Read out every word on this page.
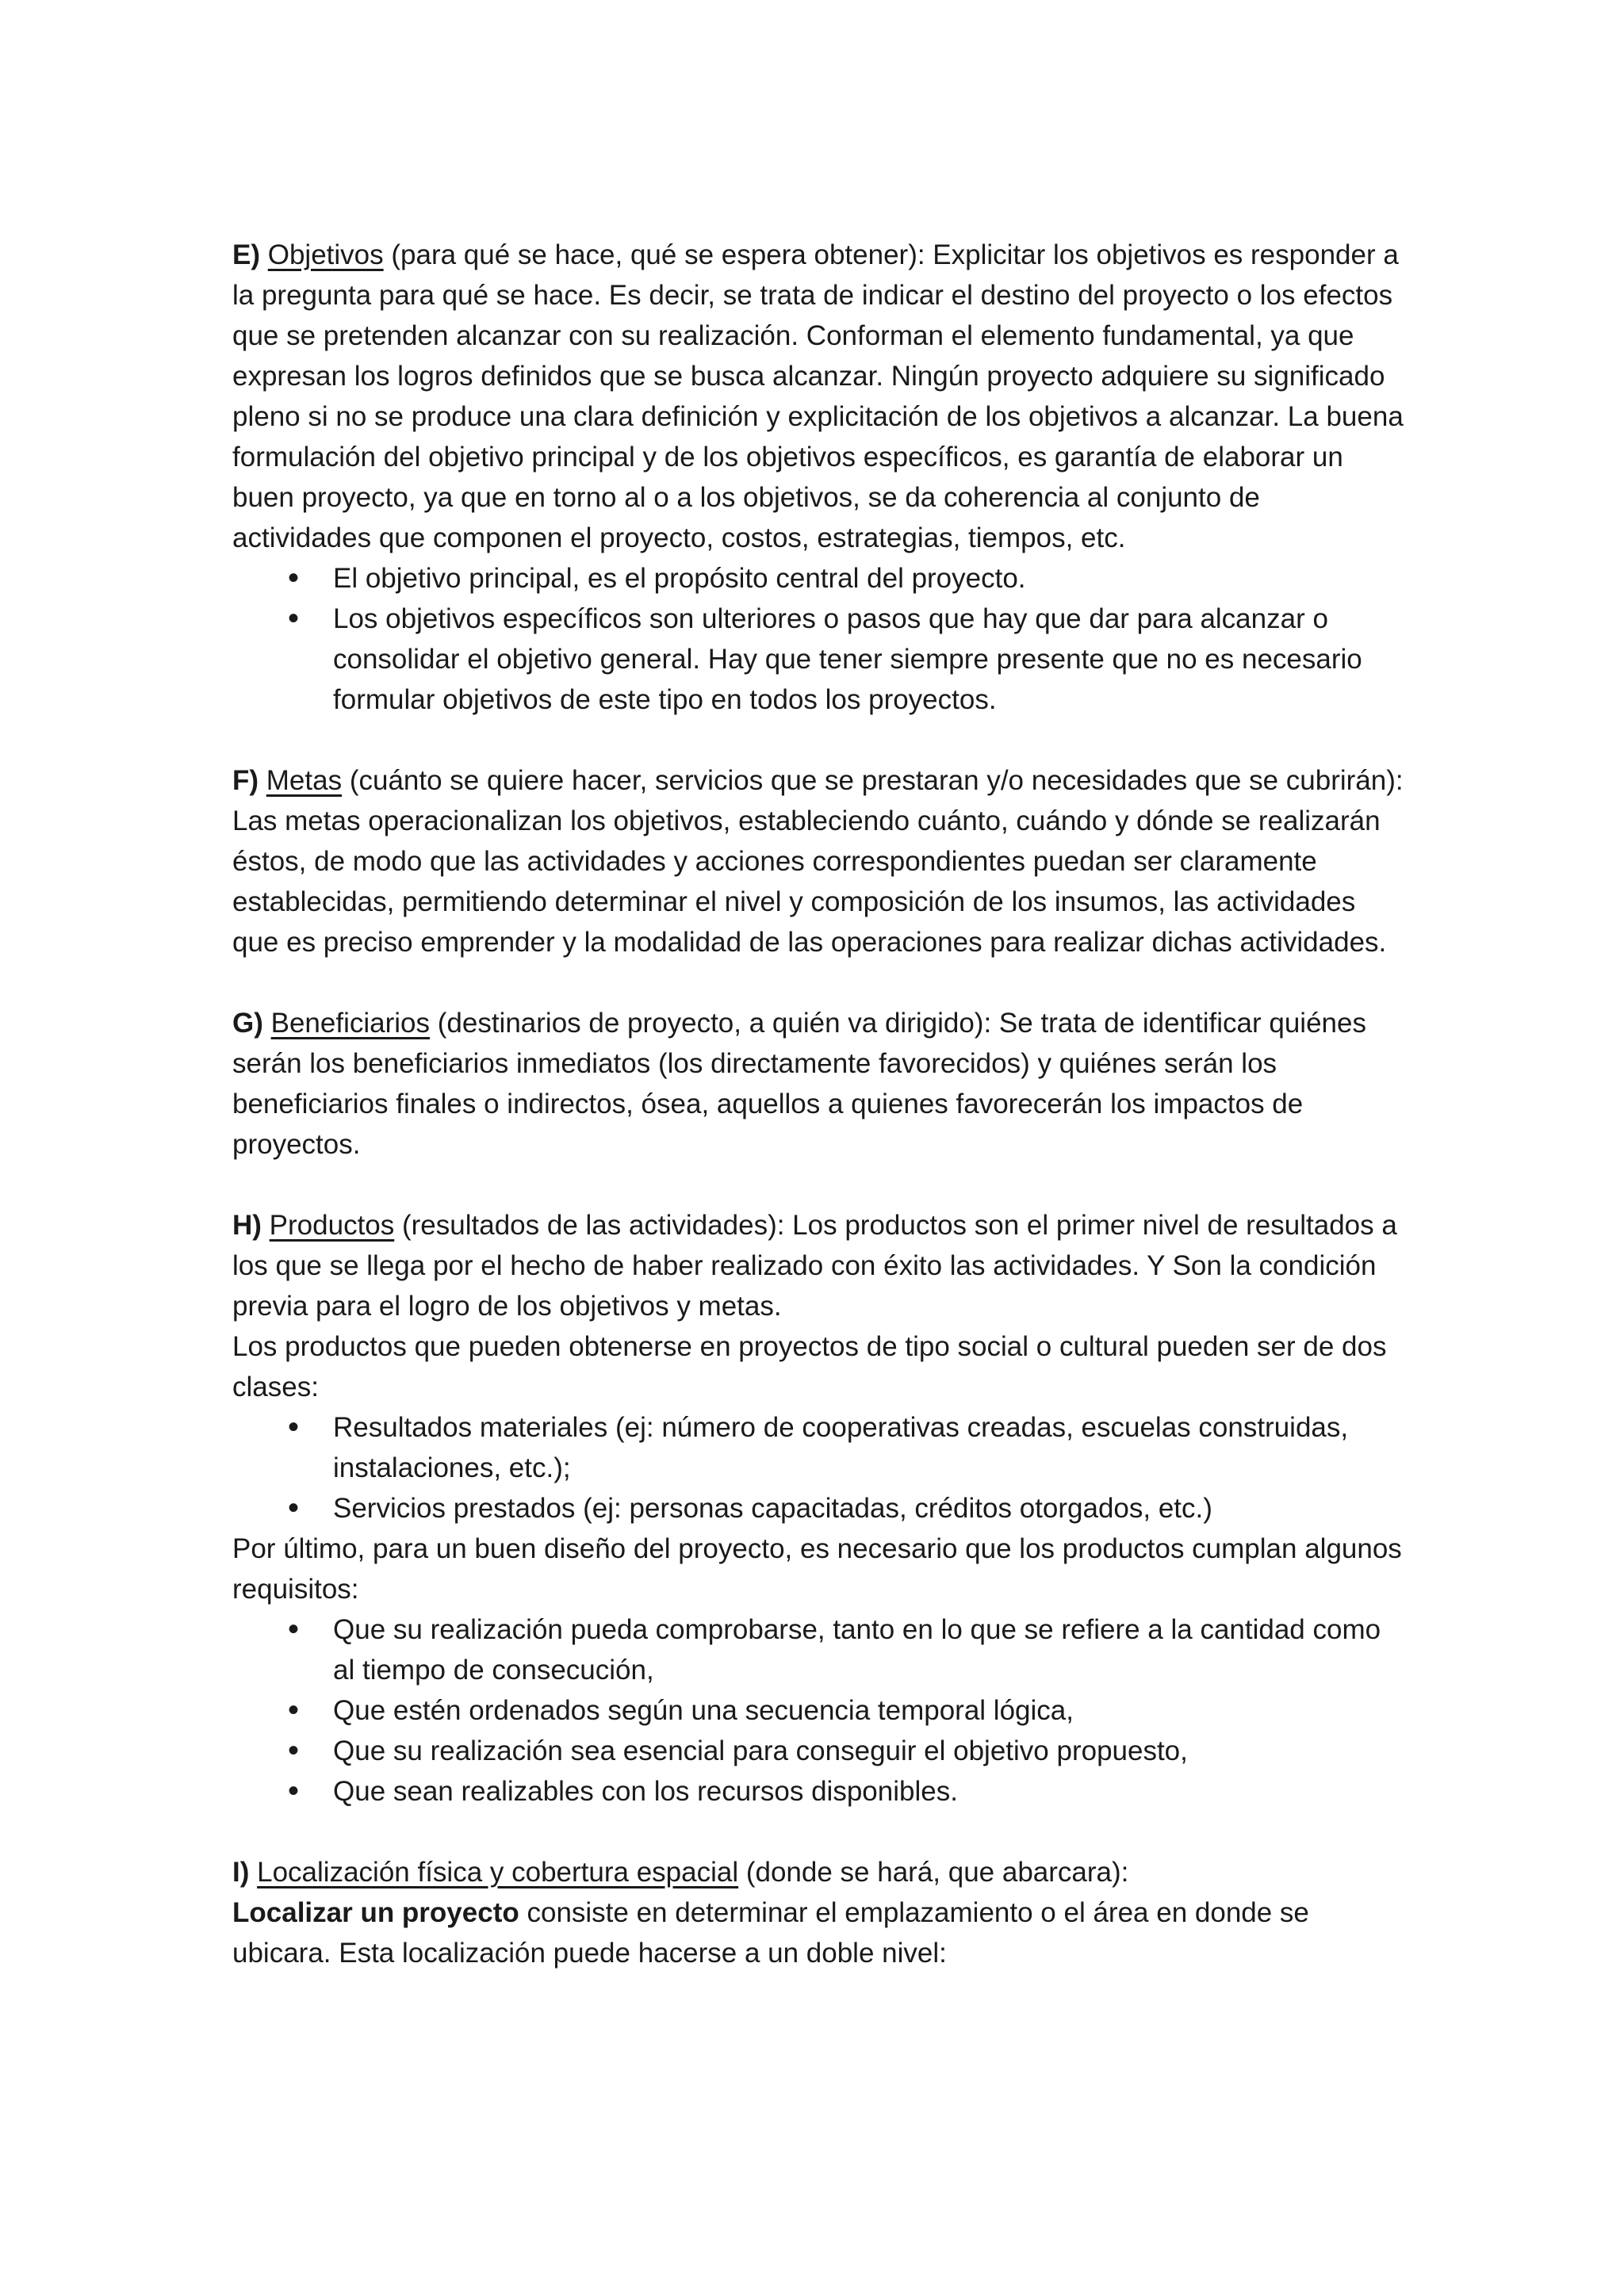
E) Objetivos (para qué se hace, qué se espera obtener): Explicitar los objetivos es responder a la pregunta para qué se hace. Es decir, se trata de indicar el destino del proyecto o los efectos que se pretenden alcanzar con su realización. Conforman el elemento fundamental, ya que expresan los logros definidos que se busca alcanzar. Ningún proyecto adquiere su significado pleno si no se produce una clara definición y explicitación de los objetivos a alcanzar. La buena formulación del objetivo principal y de los objetivos específicos, es garantía de elaborar un buen proyecto, ya que en torno al o a los objetivos, se da coherencia al conjunto de actividades que componen el proyecto, costos, estrategias, tiempos, etc.

• El objetivo principal, es el propósito central del proyecto.
• Los objetivos específicos son ulteriores o pasos que hay que dar para alcanzar o consolidar el objetivo general. Hay que tener siempre presente que no es necesario formular objetivos de este tipo en todos los proyectos.

F) Metas (cuánto se quiere hacer, servicios que se prestaran y/o necesidades que se cubrirán): Las metas operacionalizan los objetivos, estableciendo cuánto, cuándo y dónde se realizarán éstos, de modo que las actividades y acciones correspondientes puedan ser claramente establecidas, permitiendo determinar el nivel y composición de los insumos, las actividades que es preciso emprender y la modalidad de las operaciones para realizar dichas actividades.

G) Beneficiarios (destinarios de proyecto, a quién va dirigido): Se trata de identificar quiénes serán los beneficiarios inmediatos (los directamente favorecidos) y quiénes serán los beneficiarios finales o indirectos, ósea, aquellos a quienes favorecerán los impactos de proyectos.

H) Productos (resultados de las actividades): Los productos son el primer nivel de resultados a los que se llega por el hecho de haber realizado con éxito las actividades. Y Son la condición previa para el logro de los objetivos y metas.

Los productos que pueden obtenerse en proyectos de tipo social o cultural pueden ser de dos clases:

• Resultados materiales (ej: número de cooperativas creadas, escuelas construidas, instalaciones, etc.);
• Servicios prestados (ej: personas capacitadas, créditos otorgados, etc.)

Por último, para un buen diseño del proyecto, es necesario que los productos cumplan algunos requisitos:

• Que su realización pueda comprobarse, tanto en lo que se refiere a la cantidad como al tiempo de consecución,
• Que estén ordenados según una secuencia temporal lógica,
• Que su realización sea esencial para conseguir el objetivo propuesto,
• Que sean realizables con los recursos disponibles.

I) Localización física y cobertura espacial (donde se hará, que abarcara):

Localizar un proyecto consiste en determinar el emplazamiento o el área en donde se ubicara. Esta localización puede hacerse a un doble nivel:
